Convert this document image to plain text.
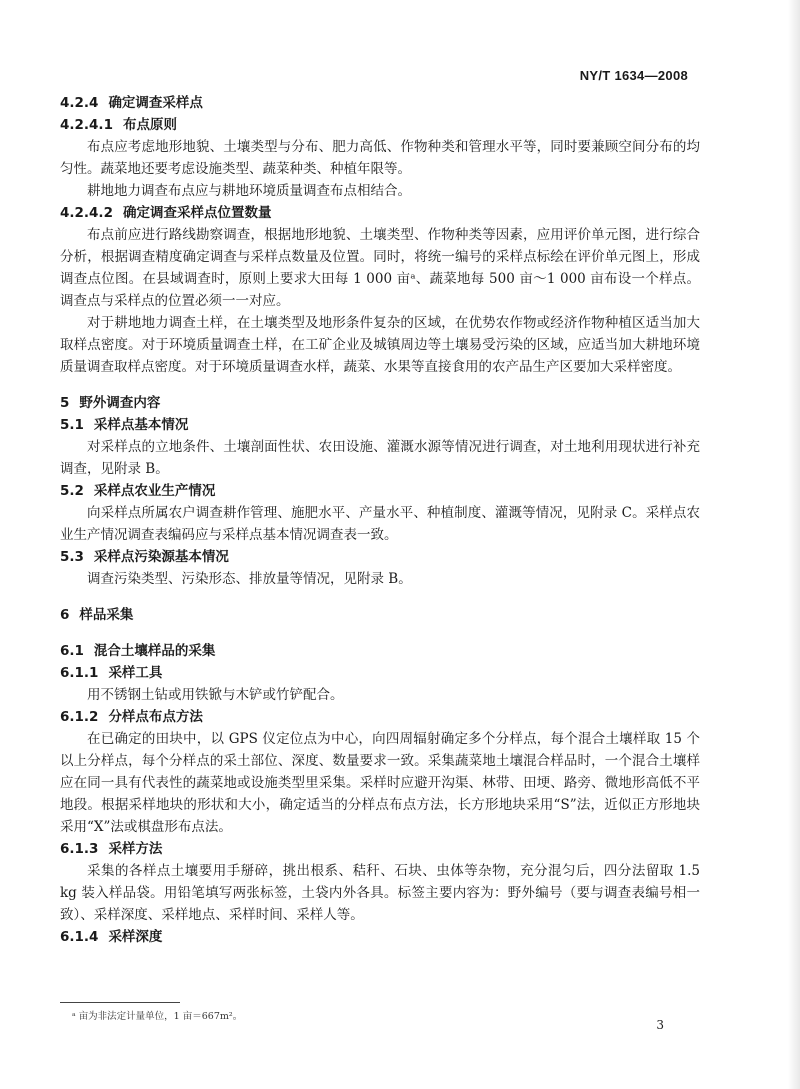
NY/T 1634—2008
4.2.4 确定调查采样点
4.2.4.1 布点原则

布点应考虑地形地貌、土壤类型与分布、肥力高低、作物种类和管理水平等，同时要兼顾空间分布的均匀性。蔬菜地还要考虑设施类型、蔬菜种类、种植年限等。

耕地地力调查布点应与耕地环境质量调查布点相结合。

4.2.4.2 确定调查采样点位置数量

布点前应进行路线勘察调查，根据地形地貌、土壤类型、作物种类等因素，应用评价单元图，进行综合分析，根据调查精度确定调查与采样点数量及位置。同时，将统一编号的采样点标绘在评价单元图上，形成调查点位图。在县域调查时，原则上要求大田每 1 000 亩ᵃ、蔬菜地每 500 亩～1 000 亩布设一个样点。调查点与采样点的位置必须一一对应。

对于耕地地力调查土样，在土壤类型及地形条件复杂的区域，在优势农作物或经济作物种植区适当加大取样点密度。对于环境质量调查土样，在工矿企业及城镇周边等土壤易受污染的区域，应适当加大耕地环境质量调查取样点密度。对于环境质量调查水样，蔬菜、水果等直接食用的农产品生产区要加大采样密度。

5 野外调查内容
5.1 采样点基本情况

对采样点的立地条件、土壤剖面性状、农田设施、灌溉水源等情况进行调查，对土地利用现状进行补充调查，见附录 B。

5.2 采样点农业生产情况

向采样点所属农户调查耕作管理、施肥水平、产量水平、种植制度、灌溉等情况，见附录 C。采样点农业生产情况调查表编码应与采样点基本情况调查表一致。

5.3 采样点污染源基本情况

调查污染类型、污染形态、排放量等情况，见附录 B。

6 样品采集
6.1 混合土壤样品的采集
6.1.1 采样工具

用不锈钢土钻或用铁锨与木铲或竹铲配合。

6.1.2 分样点布点方法

在已确定的田块中，以 GPS 仪定位点为中心，向四周辐射确定多个分样点，每个混合土壤样取 15 个以上分样点，每个分样点的采土部位、深度、数量要求一致。采集蔬菜地土壤混合样品时，一个混合土壤样应在同一具有代表性的蔬菜地或设施类型里采集。采样时应避开沟渠、林带、田埂、路旁、微地形高低不平地段。根据采样地块的形状和大小，确定适当的分样点布点方法，长方形地块采用“S”法，近似正方形地块采用“X”法或棋盘形布点法。

6.1.3 采样方法

采集的各样点土壤要用手掰碎，挑出根系、秸秆、石块、虫体等杂物，充分混匀后，四分法留取 1.5 kg 装入样品袋。用铅笔填写两张标签，土袋内外各具。标签主要内容为：野外编号（要与调查表编号相一致）、采样深度、采样地点、采样时间、采样人等。

6.1.4 采样深度
ᵃ 亩为非法定计量单位，1 亩＝667m²。
3
